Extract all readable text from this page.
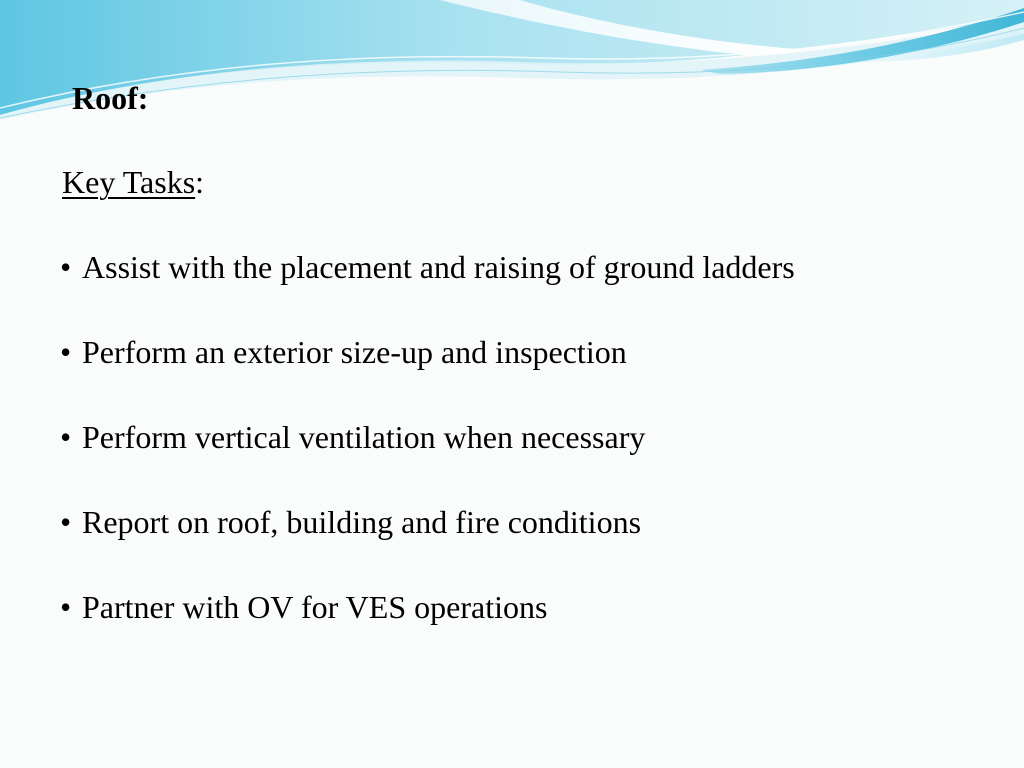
Roof:
Key Tasks:
• Assist with the placement and raising of ground ladders
• Perform an exterior size-up and inspection
• Perform vertical ventilation when necessary
• Report on roof, building and fire conditions
• Partner with OV for VES operations
